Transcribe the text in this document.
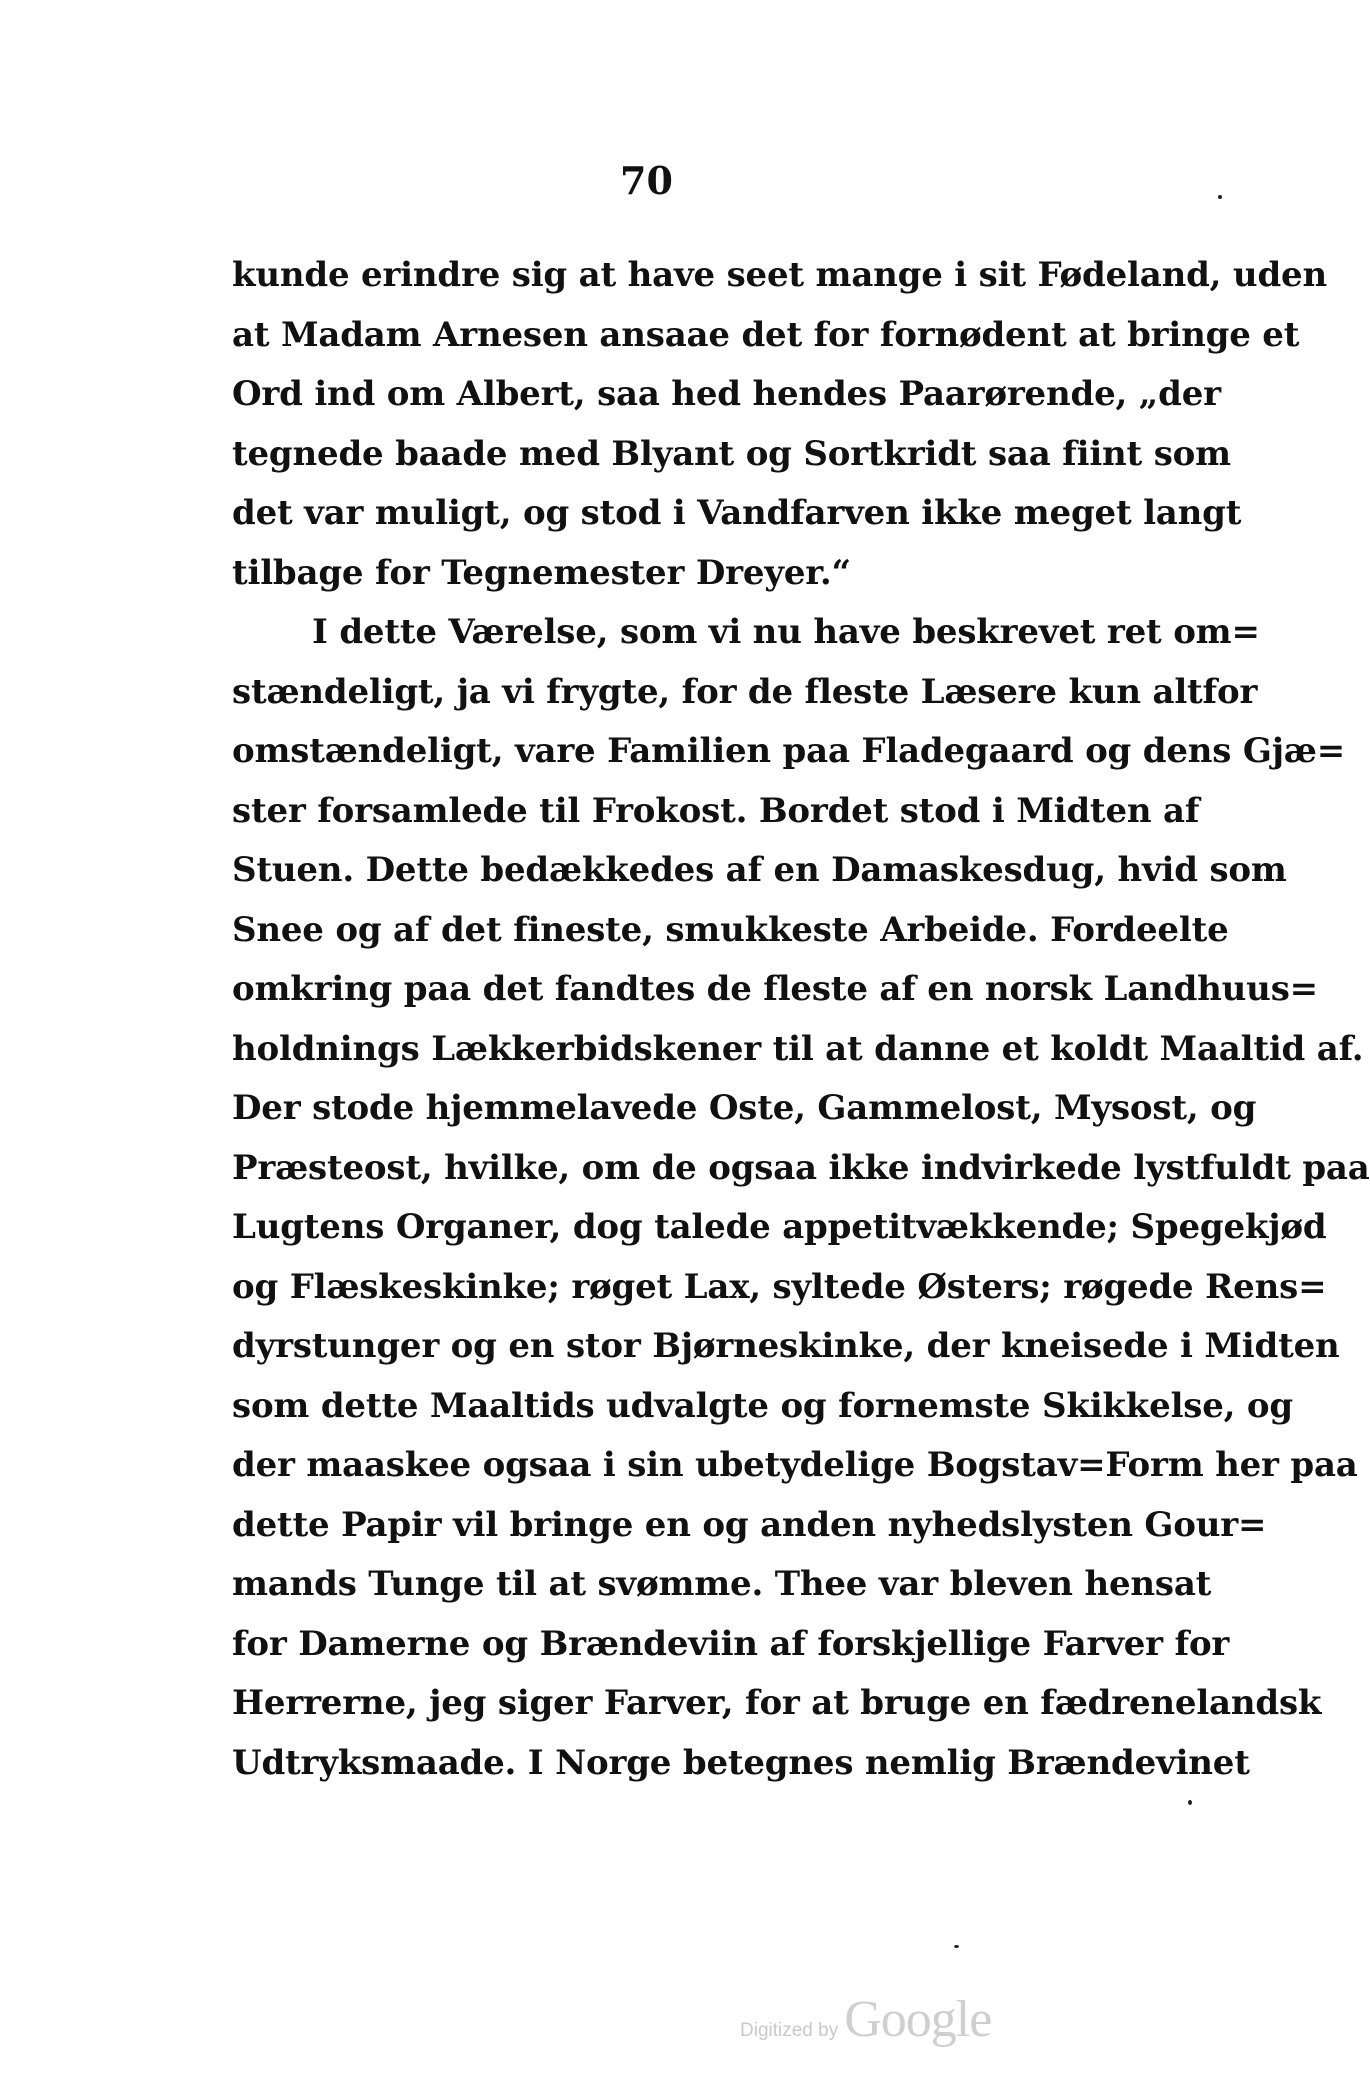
70
kunde erindre sig at have seet mange i sit Fødeland, uden
at Madam Arnesen ansaae det for fornødent at bringe et
Ord ind om Albert, saa hed hendes Paarørende, „der
tegnede baade med Blyant og Sortkridt saa fiint som
det var muligt, og stod i Vandfarven ikke meget langt
tilbage for Tegnemester Dreyer.“
I dette Værelse, som vi nu have beskrevet ret om=
stændeligt, ja vi frygte, for de fleste Læsere kun altfor
omstændeligt, vare Familien paa Fladegaard og dens Gjæ=
ster forsamlede til Frokost. Bordet stod i Midten af
Stuen. Dette bedækkedes af en Damaskesdug, hvid som
Snee og af det fineste, smukkeste Arbeide. Fordeelte
omkring paa det fandtes de fleste af en norsk Landhuus=
holdnings Lækkerbidskener til at danne et koldt Maaltid af.
Der stode hjemmelavede Oste, Gammelost, Mysost, og
Præsteost, hvilke, om de ogsaa ikke indvirkede lystfuldt paa
Lugtens Organer, dog talede appetitvækkende; Spegekjød
og Flæskeskinke; røget Lax, syltede Østers; røgede Rens=
dyrstunger og en stor Bjørneskinke, der kneisede i Midten
som dette Maaltids udvalgte og fornemste Skikkelse, og
der maaskee ogsaa i sin ubetydelige Bogstav=Form her paa
dette Papir vil bringe en og anden nyhedslysten Gour=
mands Tunge til at svømme. Thee var bleven hensat
for Damerne og Brændeviin af forskjellige Farver for
Herrerne, jeg siger Farver, for at bruge en fædrenelandsk
Udtryksmaade. I Norge betegnes nemlig Brændevinet
Digitized by Google
